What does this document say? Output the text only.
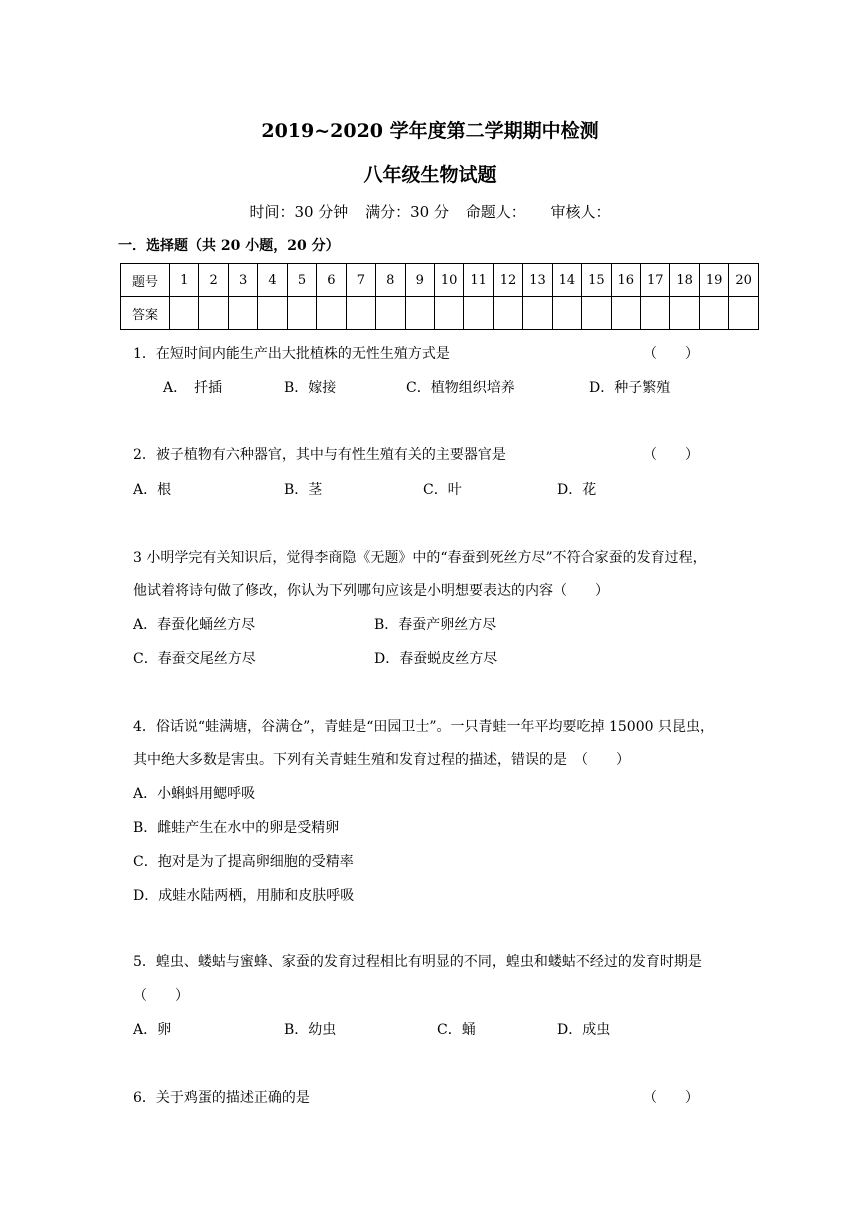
2019~2020 学年度第二学期期中检测
八年级生物试题
时间：30 分钟 满分：30 分 命题人： 审核人：
一．选择题（共 20 小题，20 分）
题号	1	2	3	4	5	6	7	8	9	10	11	12	13	14	15	16	17	18	19	20
答案																				
1．在短时间内能生产出大批植株的无性生殖方式是	（　　）
A．　扦插	B．嫁接	C．植物组织培养	D．种子繁殖
2．被子植物有六种器官，其中与有性生殖有关的主要器官是	（　　）
A．根	B．茎	C．叶	D．花
3 小明学完有关知识后，觉得李商隐《无题》中的“春蚕到死丝方尽”不符合家蚕的发育过程，
他试着将诗句做了修改，你认为下列哪句应该是小明想要表达的内容（　　）
A．春蚕化蛹丝方尽	B．春蚕产卵丝方尽
C．春蚕交尾丝方尽	D．春蚕蜕皮丝方尽
4．俗话说“蛙满塘，谷满仓”，青蛙是“田园卫士”。一只青蛙一年平均要吃掉 15000 只昆虫，
其中绝大多数是害虫。下列有关青蛙生殖和发育过程的描述，错误的是　（　　）
A．小蝌蚪用鳃呼吸
B．雌蛙产生在水中的卵是受精卵
C．抱对是为了提高卵细胞的受精率
D．成蛙水陆两栖，用肺和皮肤呼吸
5．蝗虫、蝼蛄与蜜蜂、家蚕的发育过程相比有明显的不同，蝗虫和蝼蛄不经过的发育时期是
（　　）
A．卵	B．幼虫	C．蛹	D．成虫
6．关于鸡蛋的描述正确的是	（　　）
